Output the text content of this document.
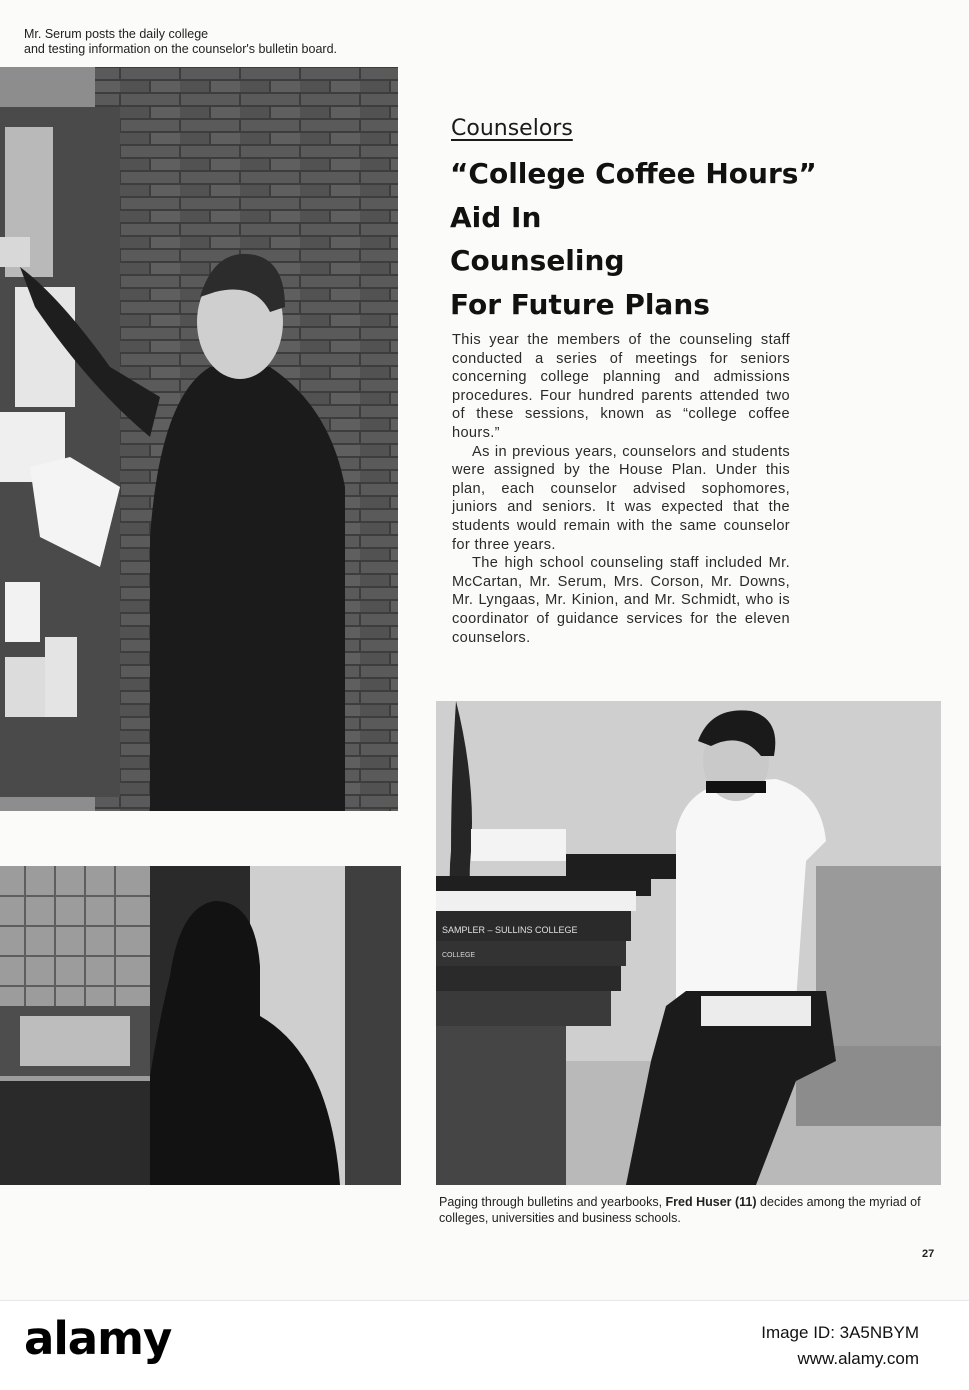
Mr. Serum posts the daily college
and testing information on the counselor's bulletin board.
SAMPLER – SULLINS COLLEGE
COLLEGE
Counselors
“College Coffee Hours”
Aid In
Counseling
For Future Plans

This year the members of the counseling staff conducted a series of meetings for seniors concerning college planning and admissions procedures. Four hundred parents attended two of these sessions, known as “college coffee hours.”

As in previous years, counselors and students were assigned by the House Plan. Under this plan, each counselor advised sophomores, juniors and seniors. It was expected that the students would remain with the same counselor for three years.

The high school counseling staff included Mr. McCartan, Mr. Serum, Mrs. Corson, Mr. Downs, Mr. Lyngaas, Mr. Kinion, and Mr. Schmidt, who is coordinator of guidance services for the eleven counselors.

Paging through bulletins and yearbooks, Fred Huser (11) decides among the myriad of colleges, universities and business schools.
27
alamy	Image ID: 3A5NBYM
www.alamy.com
